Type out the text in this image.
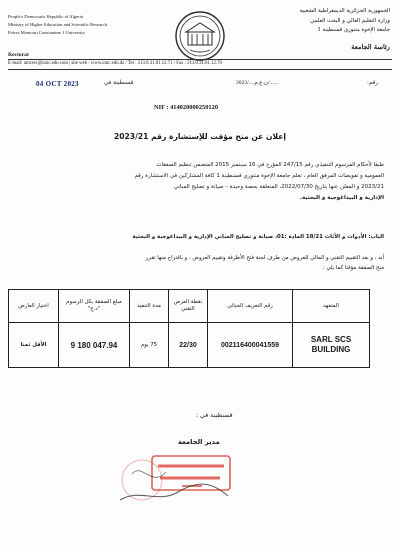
People's Democratic Republic of Algeria
Ministry of Higher Education and Scientific Research
Frères Mentouri Constantine 1 University
Rectorat
الجمهورية الجزائرية الديمقراطية الشعبية
وزارة التعليم العالي و البحث العلمي
جامعة الإخوة منتوري قسنطينة 1
رئاسة الجامعة
E-mail: umcrec@umc.edu.com | site web : www.umc.edu.dz / Tel : 213.0.31.81.12.71 / Fax : 213.0.31.81.12.70
04 OCT 2023	قسنطينة في	2023/....ن.ع.م/......	رقم:
NIF : 414020000250120
إعلان عن منح مؤقت للإستشارة رقم 2023/21
طبقا لأحكام المرسوم التنفيذي رقم 247/15 المؤرخ في 16 سبتمبر 2015 المتضمن تنظيم الصفقات
العمومية و تفويضات المرفق العام ، تعلم جامعة الإخوة منتوري قسنطينة 1 كافة المشاركين في الاستشارة رقم
2023/21 و المعلن عنها بتاريخ 2022/07/30، المتعلقة بحصة وحيدة – صيانة و تصليح المباني
الإدارية و البيداغوجية و البحثية.
الباب: الأدوات و الأثاث 18/21 المادة :01، صيانة و تصليح المباني الإدارية و البيداغوجية و البحثية
أنه ، و بعد التقييم التقني و المالي للعروض من طرف لجنة فتح الأظرفة وتقييم العروض ، و باقتراح منها تقرر
منح الصفقة مؤقتا كما يلي :
المتعهد	رقم التعريف الجبائي	نقطة العرض التقني	مدة التنفيذ	مبلغ الصفقة بكل الرسوم "د.ج"	اختيار العارض
SARL SCS BUILDING	002116400041559	22/30	75 يوم	9 180 047.94	الأقل ثمنا
قسنطينة في :
مدير الجامعة
